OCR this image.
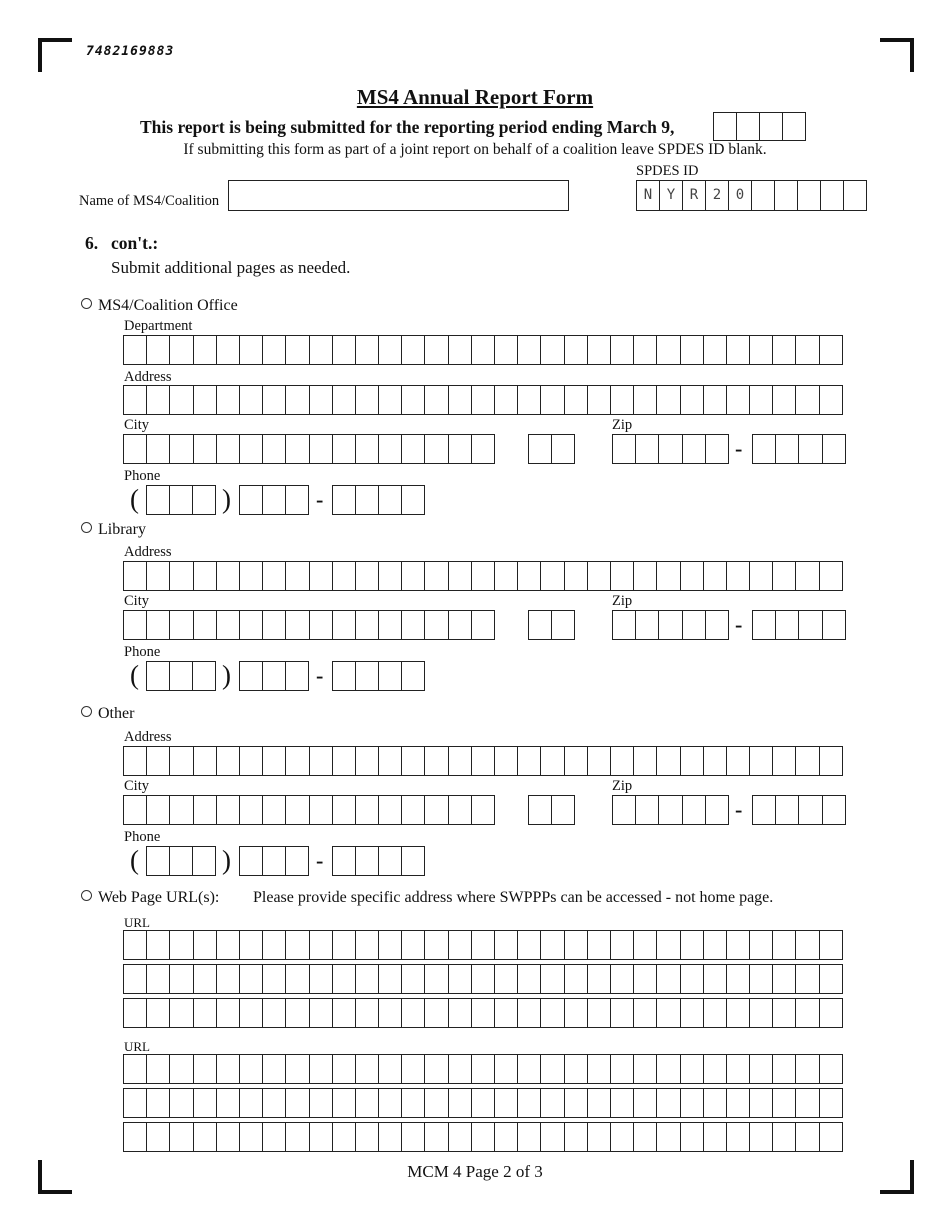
7482169883
MS4 Annual Report Form
This report is being submitted for the reporting period ending March 9,
If submitting this form as part of a joint report on behalf of a coalition leave SPDES ID blank.
SPDES ID
N	Y	R	2	0
Name of MS4/Coalition
6. con't.:
Submit additional pages as needed.
MS4/Coalition Office
Department
Address
City	Zip
-
Phone
(	)	-
Library
Address
City	Zip
-
Phone
(	)	-
Other
Address
City	Zip
-
Phone
(	)	-
Web Page URL(s): Please provide specific address where SWPPPs can be accessed - not home page.
URL
URL
MCM 4 Page 2 of 3
